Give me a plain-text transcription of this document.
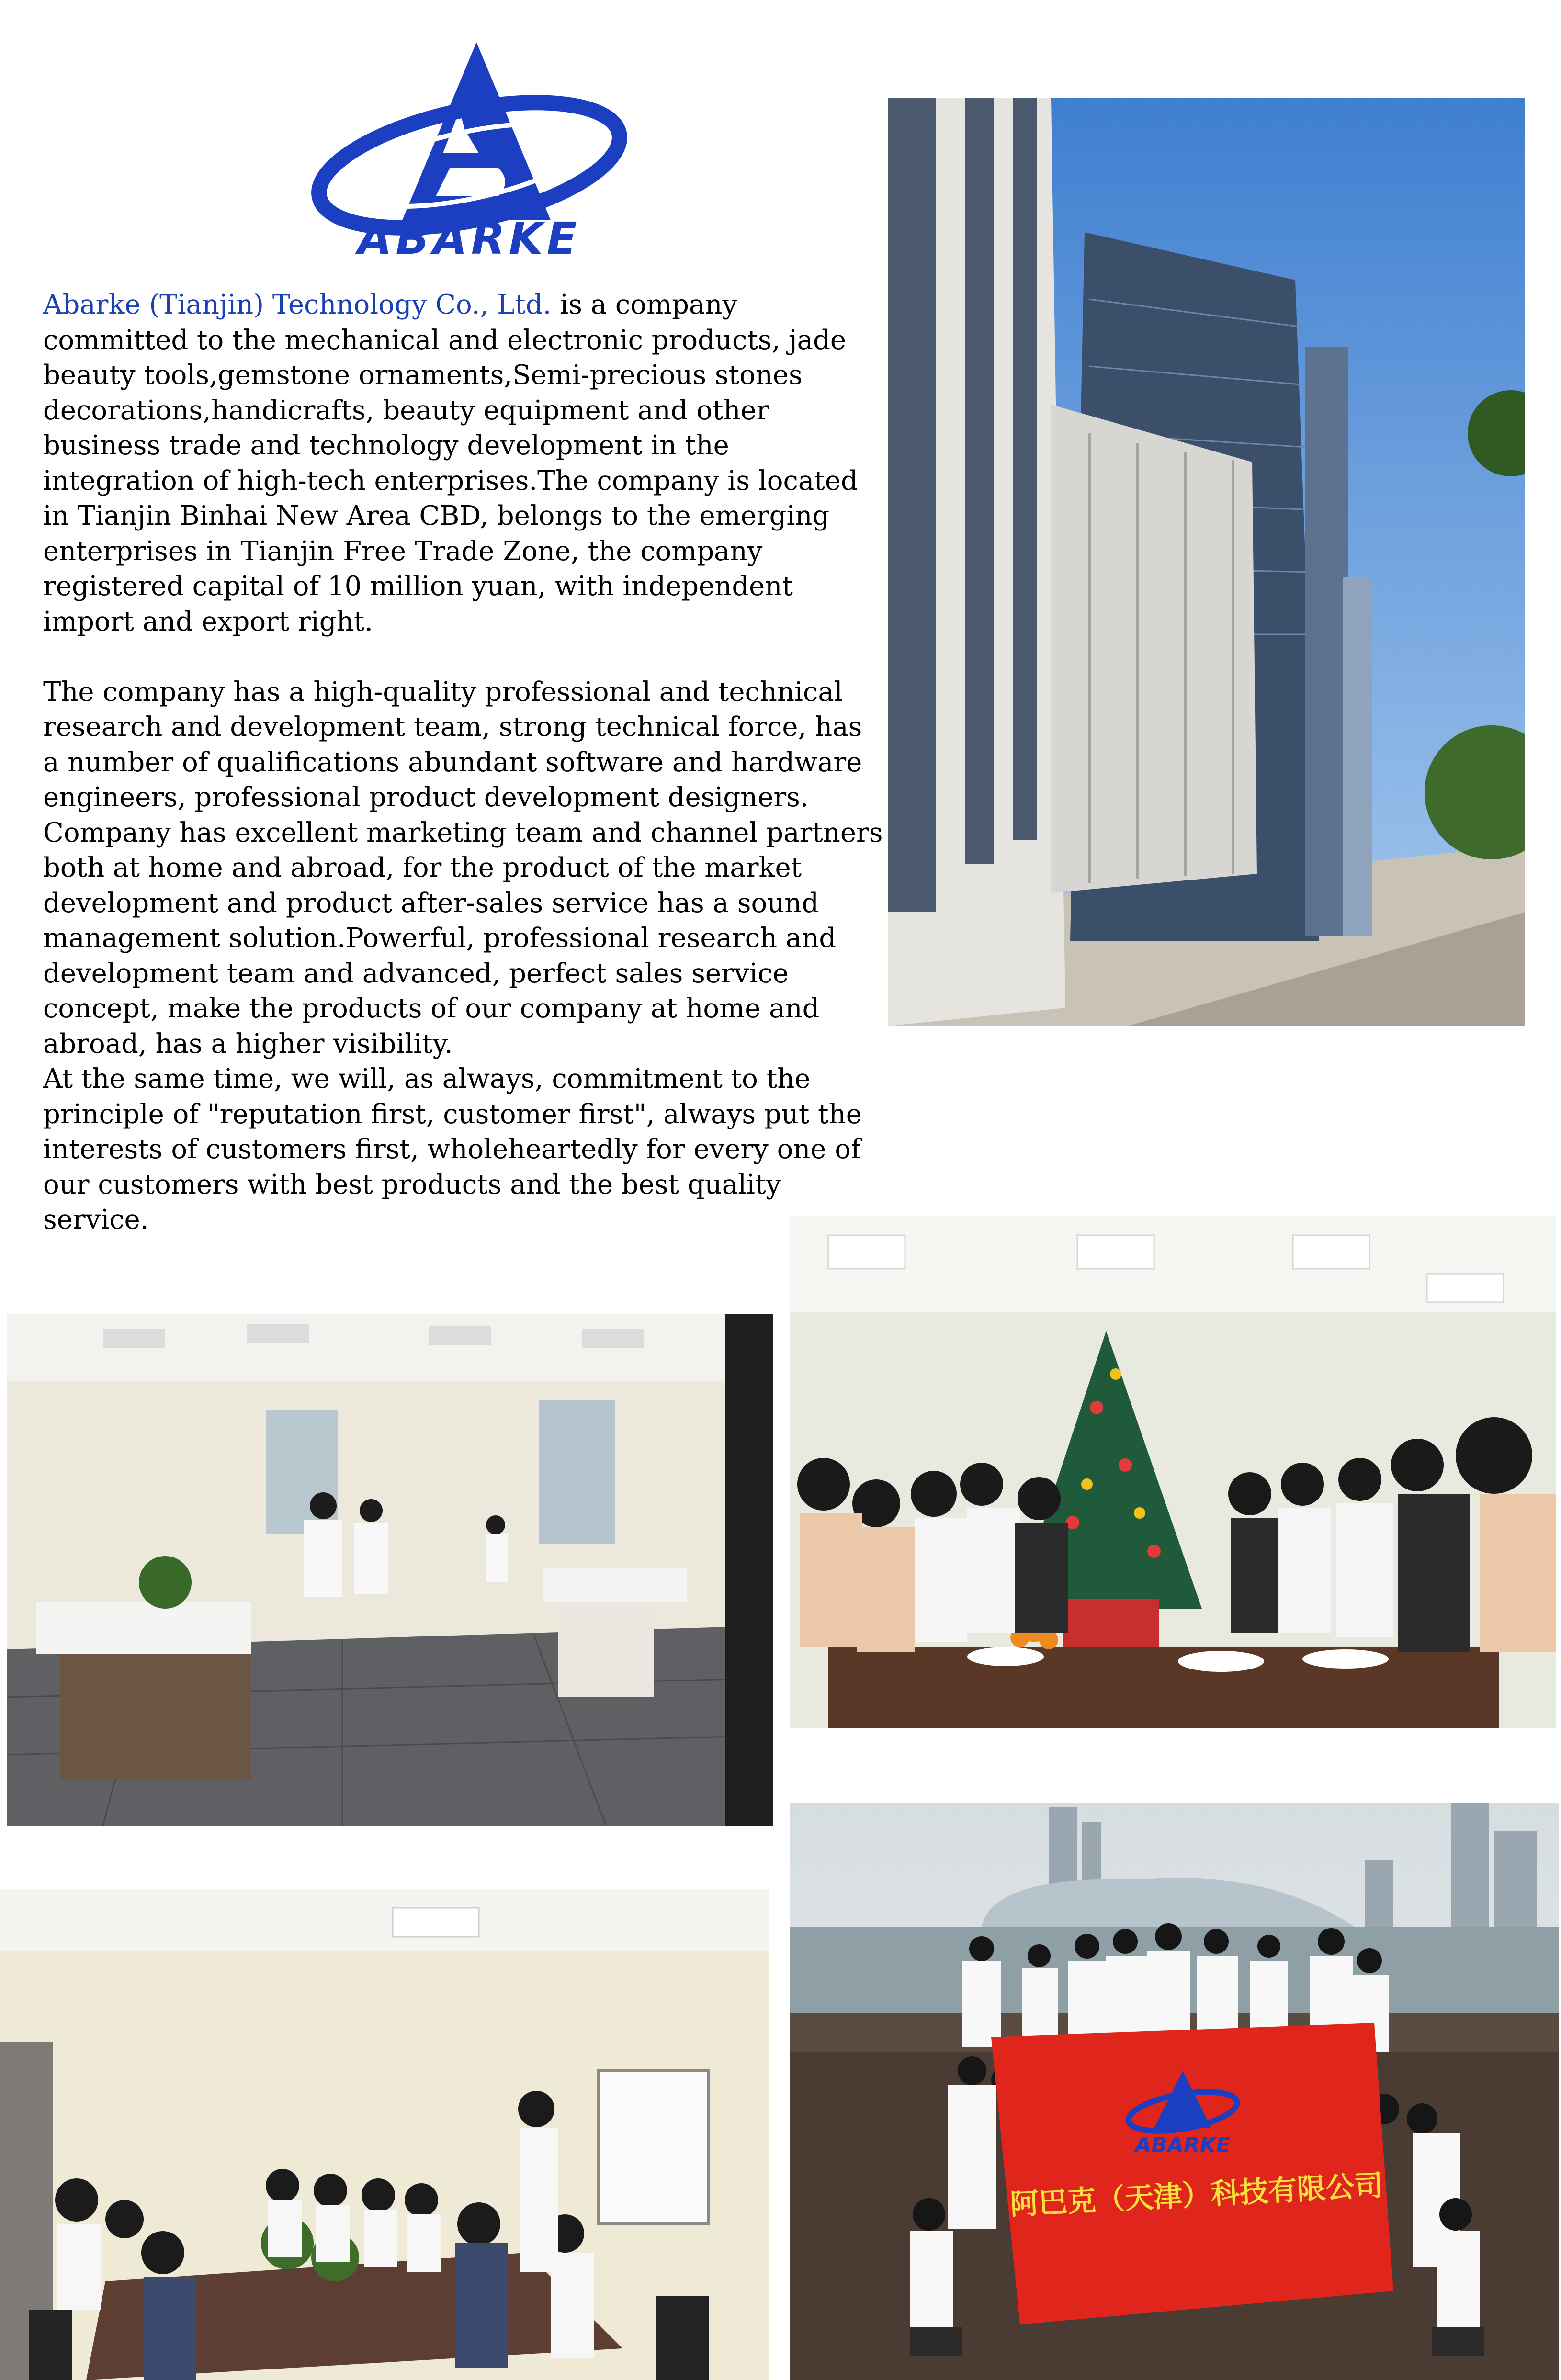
ABARKE

Abarke (Tianjin) Technology Co., Ltd. is a company committed to the mechanical and electronic products, jade beauty tools,gemstone ornaments,Semi-precious stones decorations,handicrafts, beauty equipment and other business trade and technology development in the integration of high-tech enterprises.The company is located in Tianjin Binhai New Area CBD, belongs to the emerging enterprises in Tianjin Free Trade Zone, the company registered capital of 10 million yuan, with independent import and export right.

The company has a high-quality professional and technical research and development team, strong technical force, has a number of qualifications abundant software and hardware engineers, professional product development designers. Company has excellent marketing team and channel partners both at home and abroad, for the product of the market development and product after-sales service has a sound management solution.Powerful, professional research and development team and advanced, perfect sales service concept, make the products of our company at home and abroad, has a higher visibility.

At the same time, we will, as always, commitment to the principle of "reputation first, customer first", always put the interests of customers first, wholeheartedly for every one of our customers with best products and the best quality service.

ABARKE
阿巴克（天津）科技有限公司
